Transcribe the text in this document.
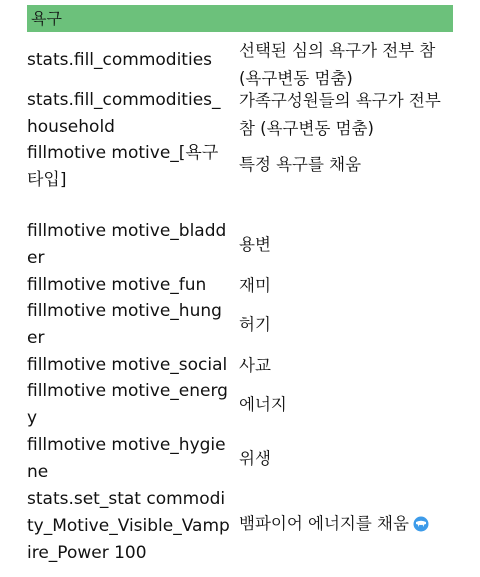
욕구
stats.fill_commodities	선택된 심의 욕구가 전부 참 (욕구변동 멈춤)
stats.fill_commodities_household
가족구성원들의 욕구가 전부 참 (욕구변동 멈춤)
fillmotive motive_[욕구타입]
특정 욕구를 채움
fillmotive motive_bladder
용변
fillmotive motive_fun	재미
fillmotive motive_hunger
허기
fillmotive motive_social 사교
fillmotive motive_energy
에너지
fillmotive motive_hygiene
위생
stats.set_stat commodity_Motive_Visible_Vampire_Power 100
뱀파이어 에너지를 채움
